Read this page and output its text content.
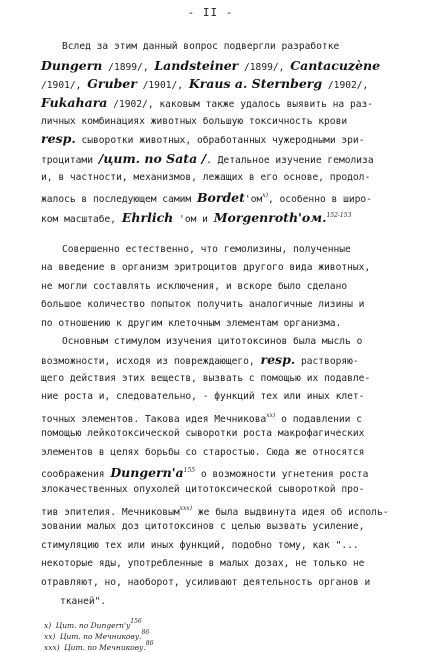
- II -
Вслед за этим данный вопрос подвергли разработке
Dungern /1899/, Landsteiner /1899/, Cantacuzène
/1901/, Gruber /1901/, Kraus a. Sternberg /1902/,
Fukahara /1902/, каковым также удалось выявить на раз-
личных комбинациях животных большую токсичность крови
resp. сыворотки животных, обработанных чужеродными эри-
троцитами /цит. по Sata /. Детальное изучение гемолиза
и, в частности, механизмов, лежащих в его основе, продол-
жалось в последующем самим $Bordet'ом^{x)}$, особенно в широ-
ком масштабе, Ehrlich 'ом и Morgenroth'ом.$^{152-153}$
Совершенно естественно, что гемолизины, полученные
на введение в организм эритроцитов другого вида животных,
не могли составлять исключения, и вскоре было сделано
большое количество попыток получить аналогичные лизины и
по отношению к другим клеточным элементам организма.
Основным стимулом изучения цитотоксинов была мысль о
возможности, исходя из повреждающего, resp. растворяю-
щего действия этих веществ, вызвать с помощью их подавле-
ние роста и, следовательно, - функций тех или иных клет-
точных элементов. Такова идея Мечникова$^{xx)}$ о подавлении с
помощью лейкотоксической сыворотки роста макрофагических
элементов в целях борьбы со старостью. Сюда же относятся
соображения $Dungern'a^{155}$ о возможности угнетения роста
злокачественных опухолей цитотоксической сывороткой про-
тив эпителия. Мечниковым$^{xxx)}$ же была выдвинута идея об исполь-
зовании малых доз цитотоксинов с целью вызвать усиление,
стимуляцию тех или иных функций, подобно тому, как "...
некоторые яды, употребленные в малых дозах, не только не
отравляют, но, наоборот, усиливают деятельность органов и
тканей".
x) Цит. по $Dungern'y^{156}$
xx) Цит. по Мечникову.$^{86}$
xxx) Цит. по Мечникову.$^{86}$
